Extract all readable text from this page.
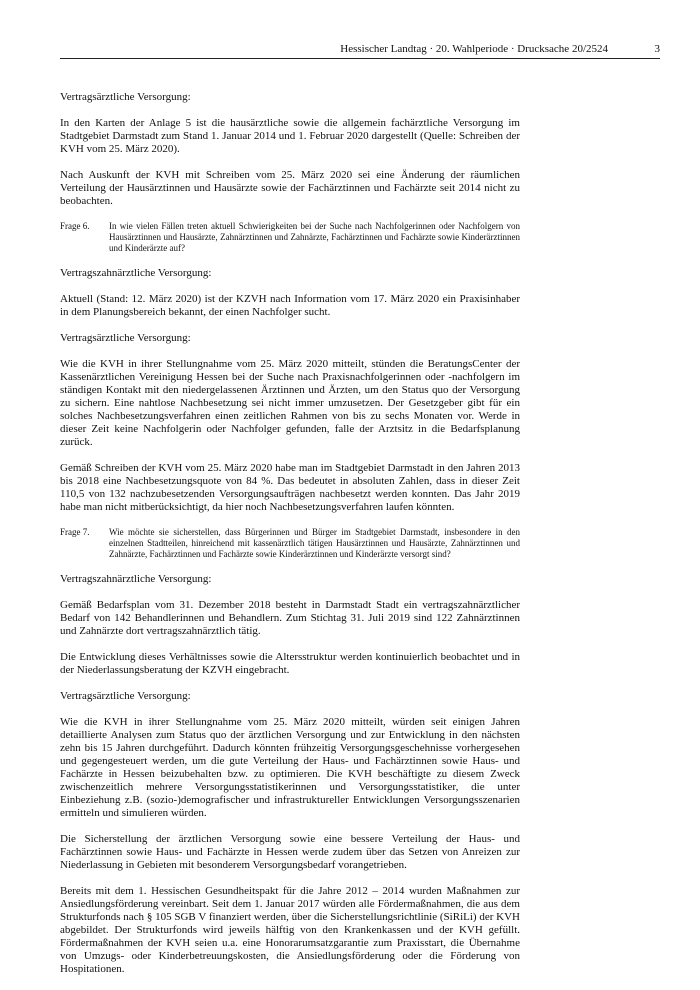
Hessischer Landtag · 20. Wahlperiode · Drucksache 20/2524	3

Vertragsärztliche Versorgung:

In den Karten der Anlage 5 ist die hausärztliche sowie die allgemein fachärztliche Versorgung im Stadtgebiet Darmstadt zum Stand 1. Januar 2014 und 1. Februar 2020 dargestellt (Quelle: Schreiben der KVH vom 25. März 2020).

Nach Auskunft der KVH mit Schreiben vom 25. März 2020 sei eine Änderung der räumlichen Verteilung der Hausärztinnen und Hausärzte sowie der Fachärztinnen und Fachärzte seit 2014 nicht zu beobachten.

Frage 6.	In wie vielen Fällen treten aktuell Schwierigkeiten bei der Suche nach Nachfolgerinnen oder Nachfolgern von Hausärztinnen und Hausärzte, Zahnärztinnen und Zahnärzte, Fachärztinnen und Fachärzte sowie Kinderärztinnen und Kinderärzte auf?

Vertragszahnärztliche Versorgung:

Aktuell (Stand: 12. März 2020) ist der KZVH nach Information vom 17. März 2020 ein Praxisinhaber in dem Planungsbereich bekannt, der einen Nachfolger sucht.

Vertragsärztliche Versorgung:

Wie die KVH in ihrer Stellungnahme vom 25. März 2020 mitteilt, stünden die BeratungsCenter der Kassenärztlichen Vereinigung Hessen bei der Suche nach Praxisnachfolgerinnen oder -nachfolgern im ständigen Kontakt mit den niedergelassenen Ärztinnen und Ärzten, um den Status quo der Versorgung zu sichern. Eine nahtlose Nachbesetzung sei nicht immer umzusetzen. Der Gesetzgeber gibt für ein solches Nachbesetzungsverfahren einen zeitlichen Rahmen von bis zu sechs Monaten vor. Werde in dieser Zeit keine Nachfolgerin oder Nachfolger gefunden, falle der Arztsitz in die Bedarfsplanung zurück.

Gemäß Schreiben der KVH vom 25. März 2020 habe man im Stadtgebiet Darmstadt in den Jahren 2013 bis 2018 eine Nachbesetzungsquote von 84 %. Das bedeutet in absoluten Zahlen, dass in dieser Zeit 110,5 von 132 nachzubesetzenden Versorgungsaufträgen nachbesetzt werden konnten. Das Jahr 2019 habe man nicht mitberücksichtigt, da hier noch Nachbesetzungsverfahren laufen könnten.

Frage 7.	Wie möchte sie sicherstellen, dass Bürgerinnen und Bürger im Stadtgebiet Darmstadt, insbesondere in den einzelnen Stadtteilen, hinreichend mit kassenärztlich tätigen Hausärztinnen und Hausärzte, Zahnärztinnen und Zahnärzte, Fachärztinnen und Fachärzte sowie Kinderärztinnen und Kinderärzte versorgt sind?

Vertragszahnärztliche Versorgung:

Gemäß Bedarfsplan vom 31. Dezember 2018 besteht in Darmstadt Stadt ein vertragszahnärztlicher Bedarf von 142 Behandlerinnen und Behandlern. Zum Stichtag 31. Juli 2019 sind 122 Zahnärztinnen und Zahnärzte dort vertragszahnärztlich tätig.

Die Entwicklung dieses Verhältnisses sowie die Altersstruktur werden kontinuierlich beobachtet und in der Niederlassungsberatung der KZVH eingebracht.

Vertragsärztliche Versorgung:

Wie die KVH in ihrer Stellungnahme vom 25. März 2020 mitteilt, würden seit einigen Jahren detaillierte Analysen zum Status quo der ärztlichen Versorgung und zur Entwicklung in den nächsten zehn bis 15 Jahren durchgeführt. Dadurch könnten frühzeitig Versorgungsgeschehnisse vorhergesehen und gegengesteuert werden, um die gute Verteilung der Haus- und Fachärztinnen sowie Haus- und Fachärzte in Hessen beizubehalten bzw. zu optimieren. Die KVH beschäftigte zu diesem Zweck zwischenzeitlich mehrere Versorgungsstatistikerinnen und Versorgungsstatistiker, die unter Einbeziehung z.B. (sozio-)demografischer und infrastruktureller Entwicklungen Versorgungsszenarien ermitteln und simulieren würden.

Die Sicherstellung der ärztlichen Versorgung sowie eine bessere Verteilung der Haus- und Fachärztinnen sowie Haus- und Fachärzte in Hessen werde zudem über das Setzen von Anreizen zur Niederlassung in Gebieten mit besonderem Versorgungsbedarf vorangetrieben.

Bereits mit dem 1. Hessischen Gesundheitspakt für die Jahre 2012 – 2014 wurden Maßnahmen zur Ansiedlungsförderung vereinbart. Seit dem 1. Januar 2017 würden alle Fördermaßnahmen, die aus dem Strukturfonds nach § 105 SGB V finanziert werden, über die Sicherstellungsrichtlinie (SiRiLi) der KVH abgebildet. Der Strukturfonds wird jeweils hälftig von den Krankenkassen und der KVH gefüllt. Fördermaßnahmen der KVH seien u.a. eine Honorarumsatzgarantie zum Praxisstart, die Übernahme von Umzugs- oder Kinderbetreuungskosten, die Ansiedlungsförderung oder die Förderung von Hospitationen.
